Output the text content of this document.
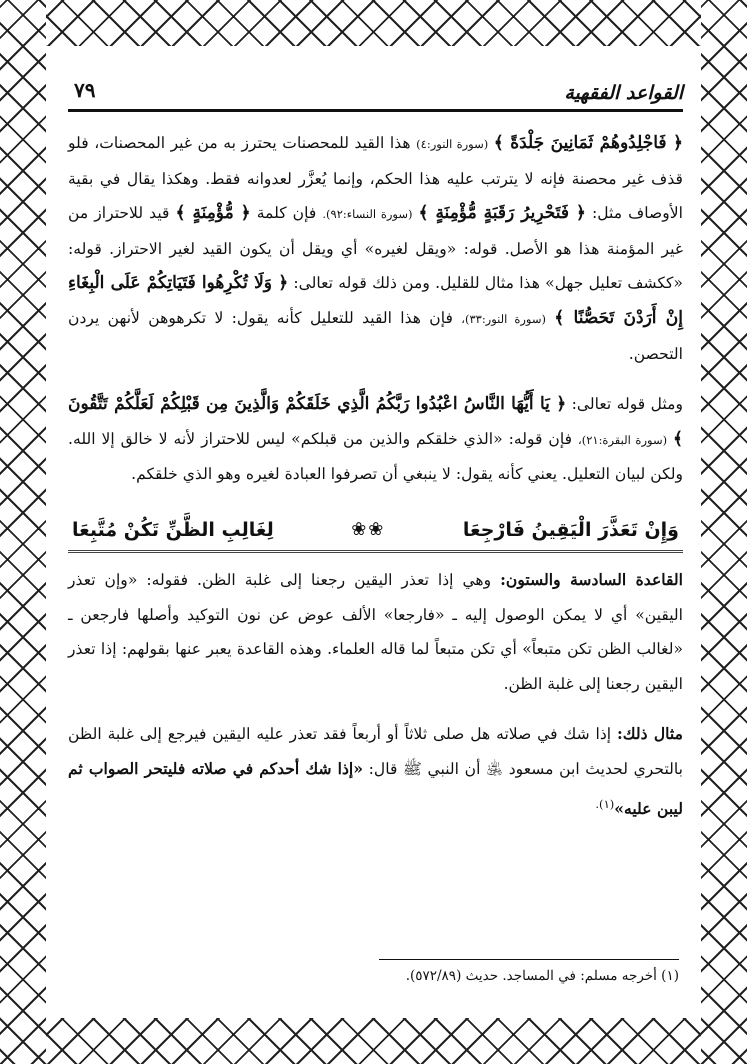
القواعد الفقهية
٧٩

﴿ فَاجْلِدُوهُمْ ثَمَانِينَ جَلْدَةً ﴾ (سورة النور:٤) هذا القيد للمحصنات يحترز به من غير المحصنات، فلو قذف غير محصنة فإنه لا يترتب عليه هذا الحكم، وإنما يُعزَّر لعدوانه فقط. وهكذا يقال في بقية الأوصاف مثل: ﴿ فَتَحْرِيرُ رَقَبَةٍ مُّؤْمِنَةٍ ﴾ (سورة النساء:٩٢). فإن كلمة ﴿ مُّؤْمِنَةٍ ﴾ قيد للاحتراز من غير المؤمنة هذا هو الأصل. قوله: «ويقل لغيره» أي ويقل أن يكون القيد لغير الاحتراز. قوله: «ككشف تعليل جهل» هذا مثال للقليل. ومن ذلك قوله تعالى: ﴿ وَلَا تُكْرِهُوا فَتَيَاتِكُمْ عَلَى الْبِغَاءِ إِنْ أَرَدْنَ تَحَصُّنًا ﴾ (سورة النور:٣٣)، فإن هذا القيد للتعليل كأنه يقول: لا تكرهوهن لأنهن يردن التحصن.

ومثل قوله تعالى: ﴿ يَا أَيُّهَا النَّاسُ اعْبُدُوا رَبَّكُمُ الَّذِي خَلَقَكُمْ وَالَّذِينَ مِن قَبْلِكُمْ لَعَلَّكُمْ تَتَّقُونَ ﴾ (سورة البقرة:٢١)، فإن قوله: «الذي خلقكم والذين من قبلكم» ليس للاحتراز لأنه لا خالق إلا الله. ولكن لبيان التعليل. يعني كأنه يقول: لا ينبغي أن تصرفوا العبادة لغيره وهو الذي خلقكم.

وَإِنْ تَعَذَّرَ الْيَقِينُ فَارْجِعَا
❀❀
لِغَالِبِ الظَّنِّ تَكُنْ مُتَّبِعَا

القاعدة السادسة والستون: وهي إذا تعذر اليقين رجعنا إلى غلبة الظن. فقوله: «وإن تعذر اليقين» أي لا يمكن الوصول إليه ـ «فارجعا» الألف عوض عن نون التوكيد وأصلها فارجعن ـ «لغالب الظن تكن متبعاً» أي تكن متبعاً لما قاله العلماء. وهذه القاعدة يعبر عنها بقولهم: إذا تعذر اليقين رجعنا إلى غلبة الظن.

مثال ذلك: إذا شك في صلاته هل صلى ثلاثاً أو أربعاً فقد تعذر عليه اليقين فيرجع إلى غلبة الظن بالتحري لحديث ابن مسعود ﵁ أن النبي ﷺ قال: «إذا شك أحدكم في صلاته فليتحر الصواب ثم ليبن عليه»$^{(١).}$

(١) أخرجه مسلم: في المساجد. حديث (٥٧٢/٨٩).
